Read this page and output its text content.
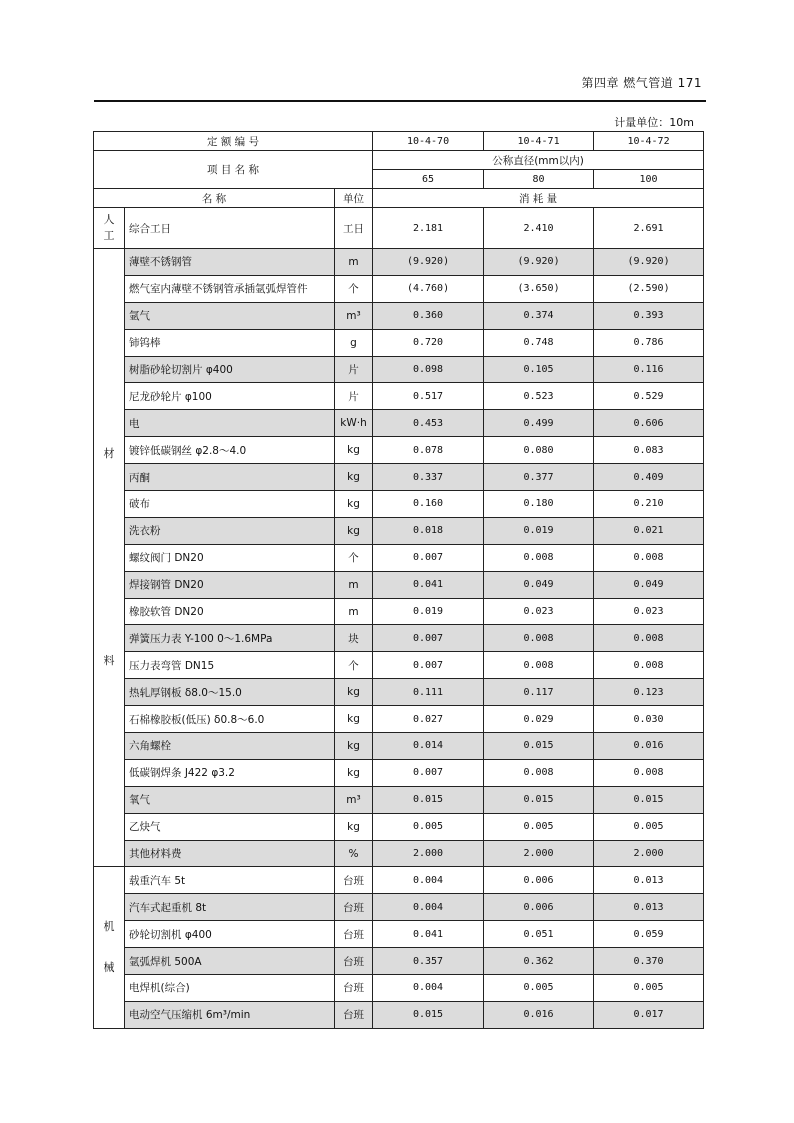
第四章 燃气管道 171
计量单位：10m
定 额 编 号			10-4-70	10-4-71	10-4-72
项 目 名 称			公称直径(mm以内)		
			65	80	100
名 称		单位	消 耗 量		

人
工	综合工日	工日	2.181	2.410	2.691

材
料	薄壁不锈钢管	m	(9.920)	(9.920)	(9.920)
	燃气室内薄壁不锈钢管承插氩弧焊管件	个	(4.760)	(3.650)	(2.590)
	氩气	m³	0.360	0.374	0.393
	铈钨棒	g	0.720	0.748	0.786
	树脂砂轮切割片 φ400	片	0.098	0.105	0.116
	尼龙砂轮片 φ100	片	0.517	0.523	0.529
	电	kW·h	0.453	0.499	0.606
	镀锌低碳钢丝 φ2.8～4.0	kg	0.078	0.080	0.083
	丙酮	kg	0.337	0.377	0.409
	破布	kg	0.160	0.180	0.210
	洗衣粉	kg	0.018	0.019	0.021
	螺纹阀门 DN20	个	0.007	0.008	0.008
	焊接钢管 DN20	m	0.041	0.049	0.049
	橡胶软管 DN20	m	0.019	0.023	0.023
	弹簧压力表 Y-100 0～1.6MPa	块	0.007	0.008	0.008
	压力表弯管 DN15	个	0.007	0.008	0.008
	热轧厚钢板 δ8.0～15.0	kg	0.111	0.117	0.123
	石棉橡胶板(低压) δ0.8～6.0	kg	0.027	0.029	0.030
	六角螺栓	kg	0.014	0.015	0.016
	低碳钢焊条 J422 φ3.2	kg	0.007	0.008	0.008
	氧气	m³	0.015	0.015	0.015
	乙炔气	kg	0.005	0.005	0.005
	其他材料费	%	2.000	2.000	2.000

机
械	载重汽车 5t	台班	0.004	0.006	0.013
	汽车式起重机 8t	台班	0.004	0.006	0.013
	砂轮切割机 φ400	台班	0.041	0.051	0.059
	氩弧焊机 500A	台班	0.357	0.362	0.370
	电焊机(综合)	台班	0.004	0.005	0.005
	电动空气压缩机 6m³/min	台班	0.015	0.016	0.017
